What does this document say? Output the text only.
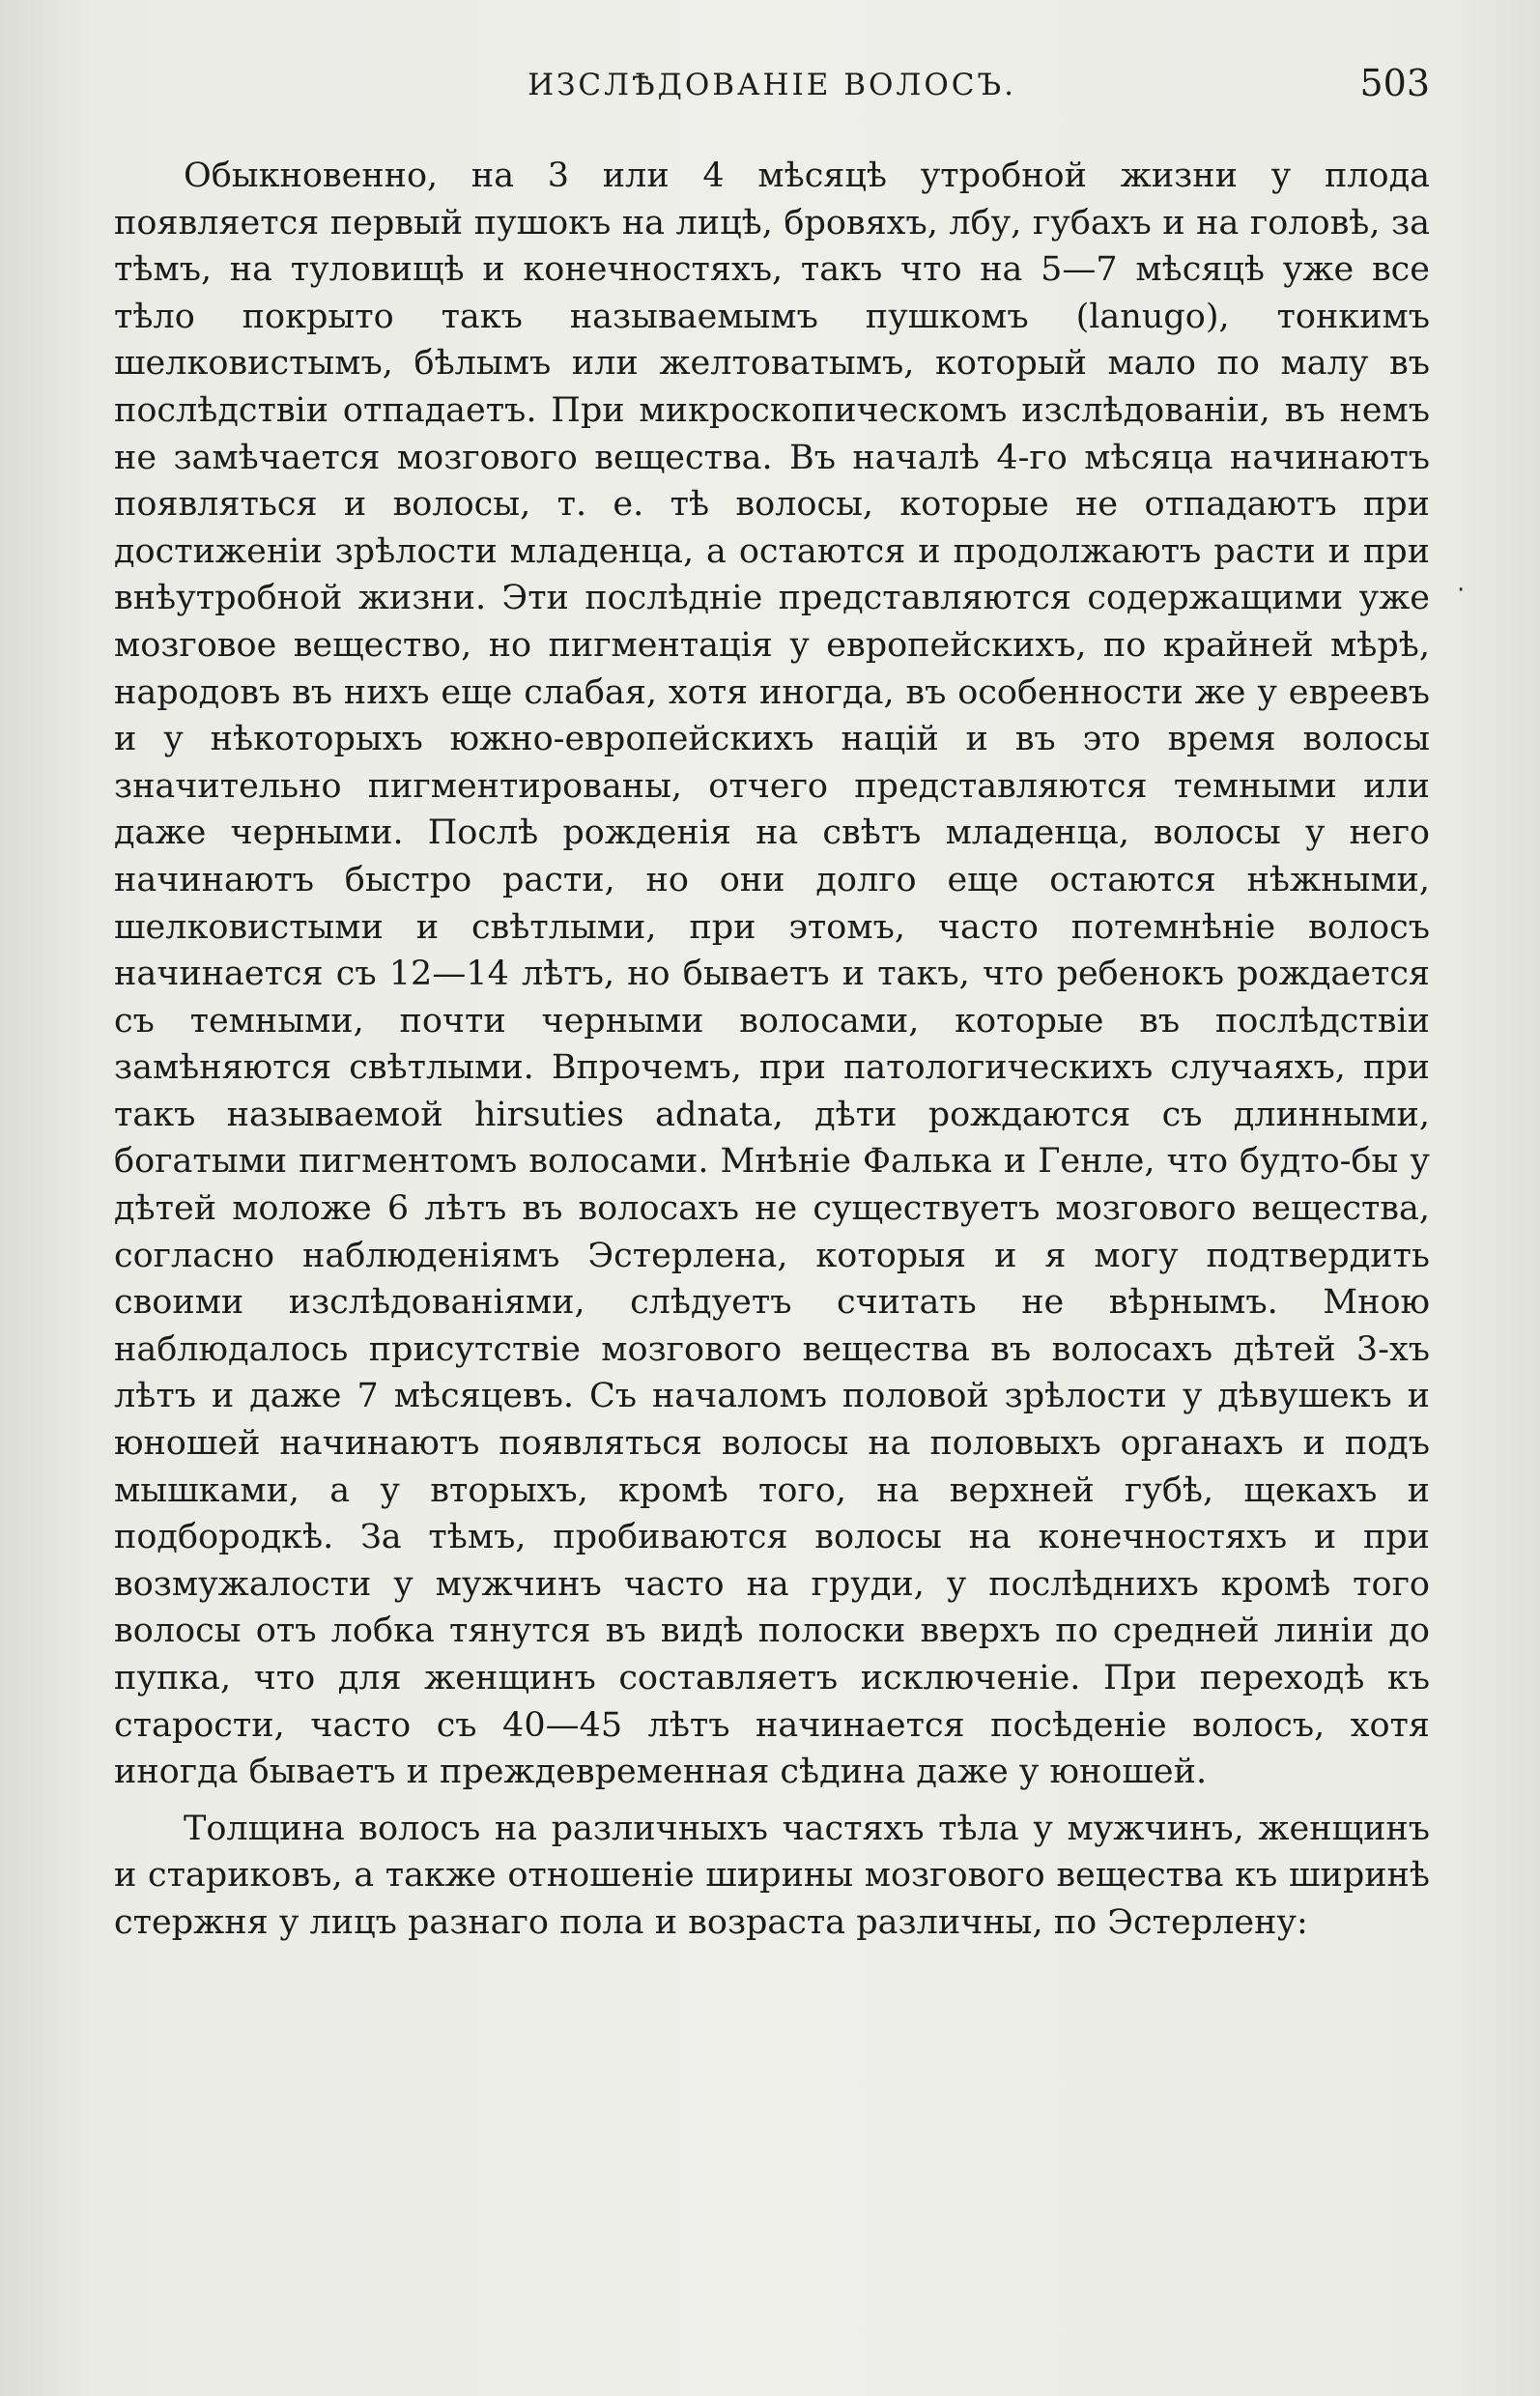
ИЗСЛѢДОВАНІЕ ВОЛОСЪ.	503

Обыкновенно, на 3 или 4 мѣсяцѣ утробной жизни у плода появляется первый пушокъ на лицѣ, бровяхъ, лбу, губахъ и на головѣ, за тѣмъ, на туловищѣ и конечностяхъ, такъ что на 5—7 мѣсяцѣ уже все тѣло покрыто такъ называемымъ пушкомъ (lanugo), тонкимъ шелковистымъ, бѣлымъ или желтоватымъ, который мало по малу въ послѣдствіи отпадаетъ. При микроскопическомъ изслѣдованіи, въ немъ не замѣчается мозгового вещества. Въ началѣ 4-го мѣсяца начинаютъ появляться и волосы, т. е. тѣ волосы, которые не отпадаютъ при достиженіи зрѣлости младенца, а остаются и продолжаютъ расти и при внѣутробной жизни. Эти послѣдніе представляются содержащими уже мозговое вещество, но пигментація у европейскихъ, по крайней мѣрѣ, народовъ въ нихъ еще слабая, хотя иногда, въ особенности же у евреевъ и у нѣкоторыхъ южно-европейскихъ націй и въ это время волосы значительно пигментированы, отчего представляются темными или даже черными. Послѣ рожденія на свѣтъ младенца, волосы у него начинаютъ быстро расти, но они долго еще остаются нѣжными, шелковистыми и свѣтлыми, при этомъ, часто потемнѣніе волосъ начинается съ 12—14 лѣтъ, но бываетъ и такъ, что ребенокъ рождается съ темными, почти черными волосами, которые въ послѣдствіи замѣняются свѣтлыми. Впрочемъ, при патологическихъ случаяхъ, при такъ называемой hirsuties adnata, дѣти рождаются съ длинными, богатыми пигментомъ волосами. Мнѣніе Фалька и Генле, что будто-бы у дѣтей моложе 6 лѣтъ въ волосахъ не существуетъ мозгового вещества, согласно наблюденіямъ Эстерлена, которыя и я могу подтвердить своими изслѣдованіями, слѣдуетъ считать не вѣрнымъ. Мною наблюдалось присутствіе мозгового вещества въ волосахъ дѣтей 3-хъ лѣтъ и даже 7 мѣсяцевъ. Съ началомъ половой зрѣлости у дѣвушекъ и юношей начинаютъ появляться волосы на половыхъ органахъ и подъ мышками, а у вторыхъ, кромѣ того, на верхней губѣ, щекахъ и подбородкѣ. За тѣмъ, пробиваются волосы на конечностяхъ и при возмужалости у мужчинъ часто на груди, у послѣднихъ кромѣ того волосы отъ лобка тянутся въ видѣ полоски вверхъ по средней линіи до пупка, что для женщинъ составляетъ исключеніе. При переходѣ къ старости, часто съ 40—45 лѣтъ начинается посѣденіе волосъ, хотя иногда бываетъ и преждевременная сѣдина даже у юношей.

Толщина волосъ на различныхъ частяхъ тѣла у мужчинъ, женщинъ и стариковъ, а также отношеніе ширины мозгового вещества къ ширинѣ стержня у лицъ разнаго пола и возраста различны, по Эстерлену:

·
